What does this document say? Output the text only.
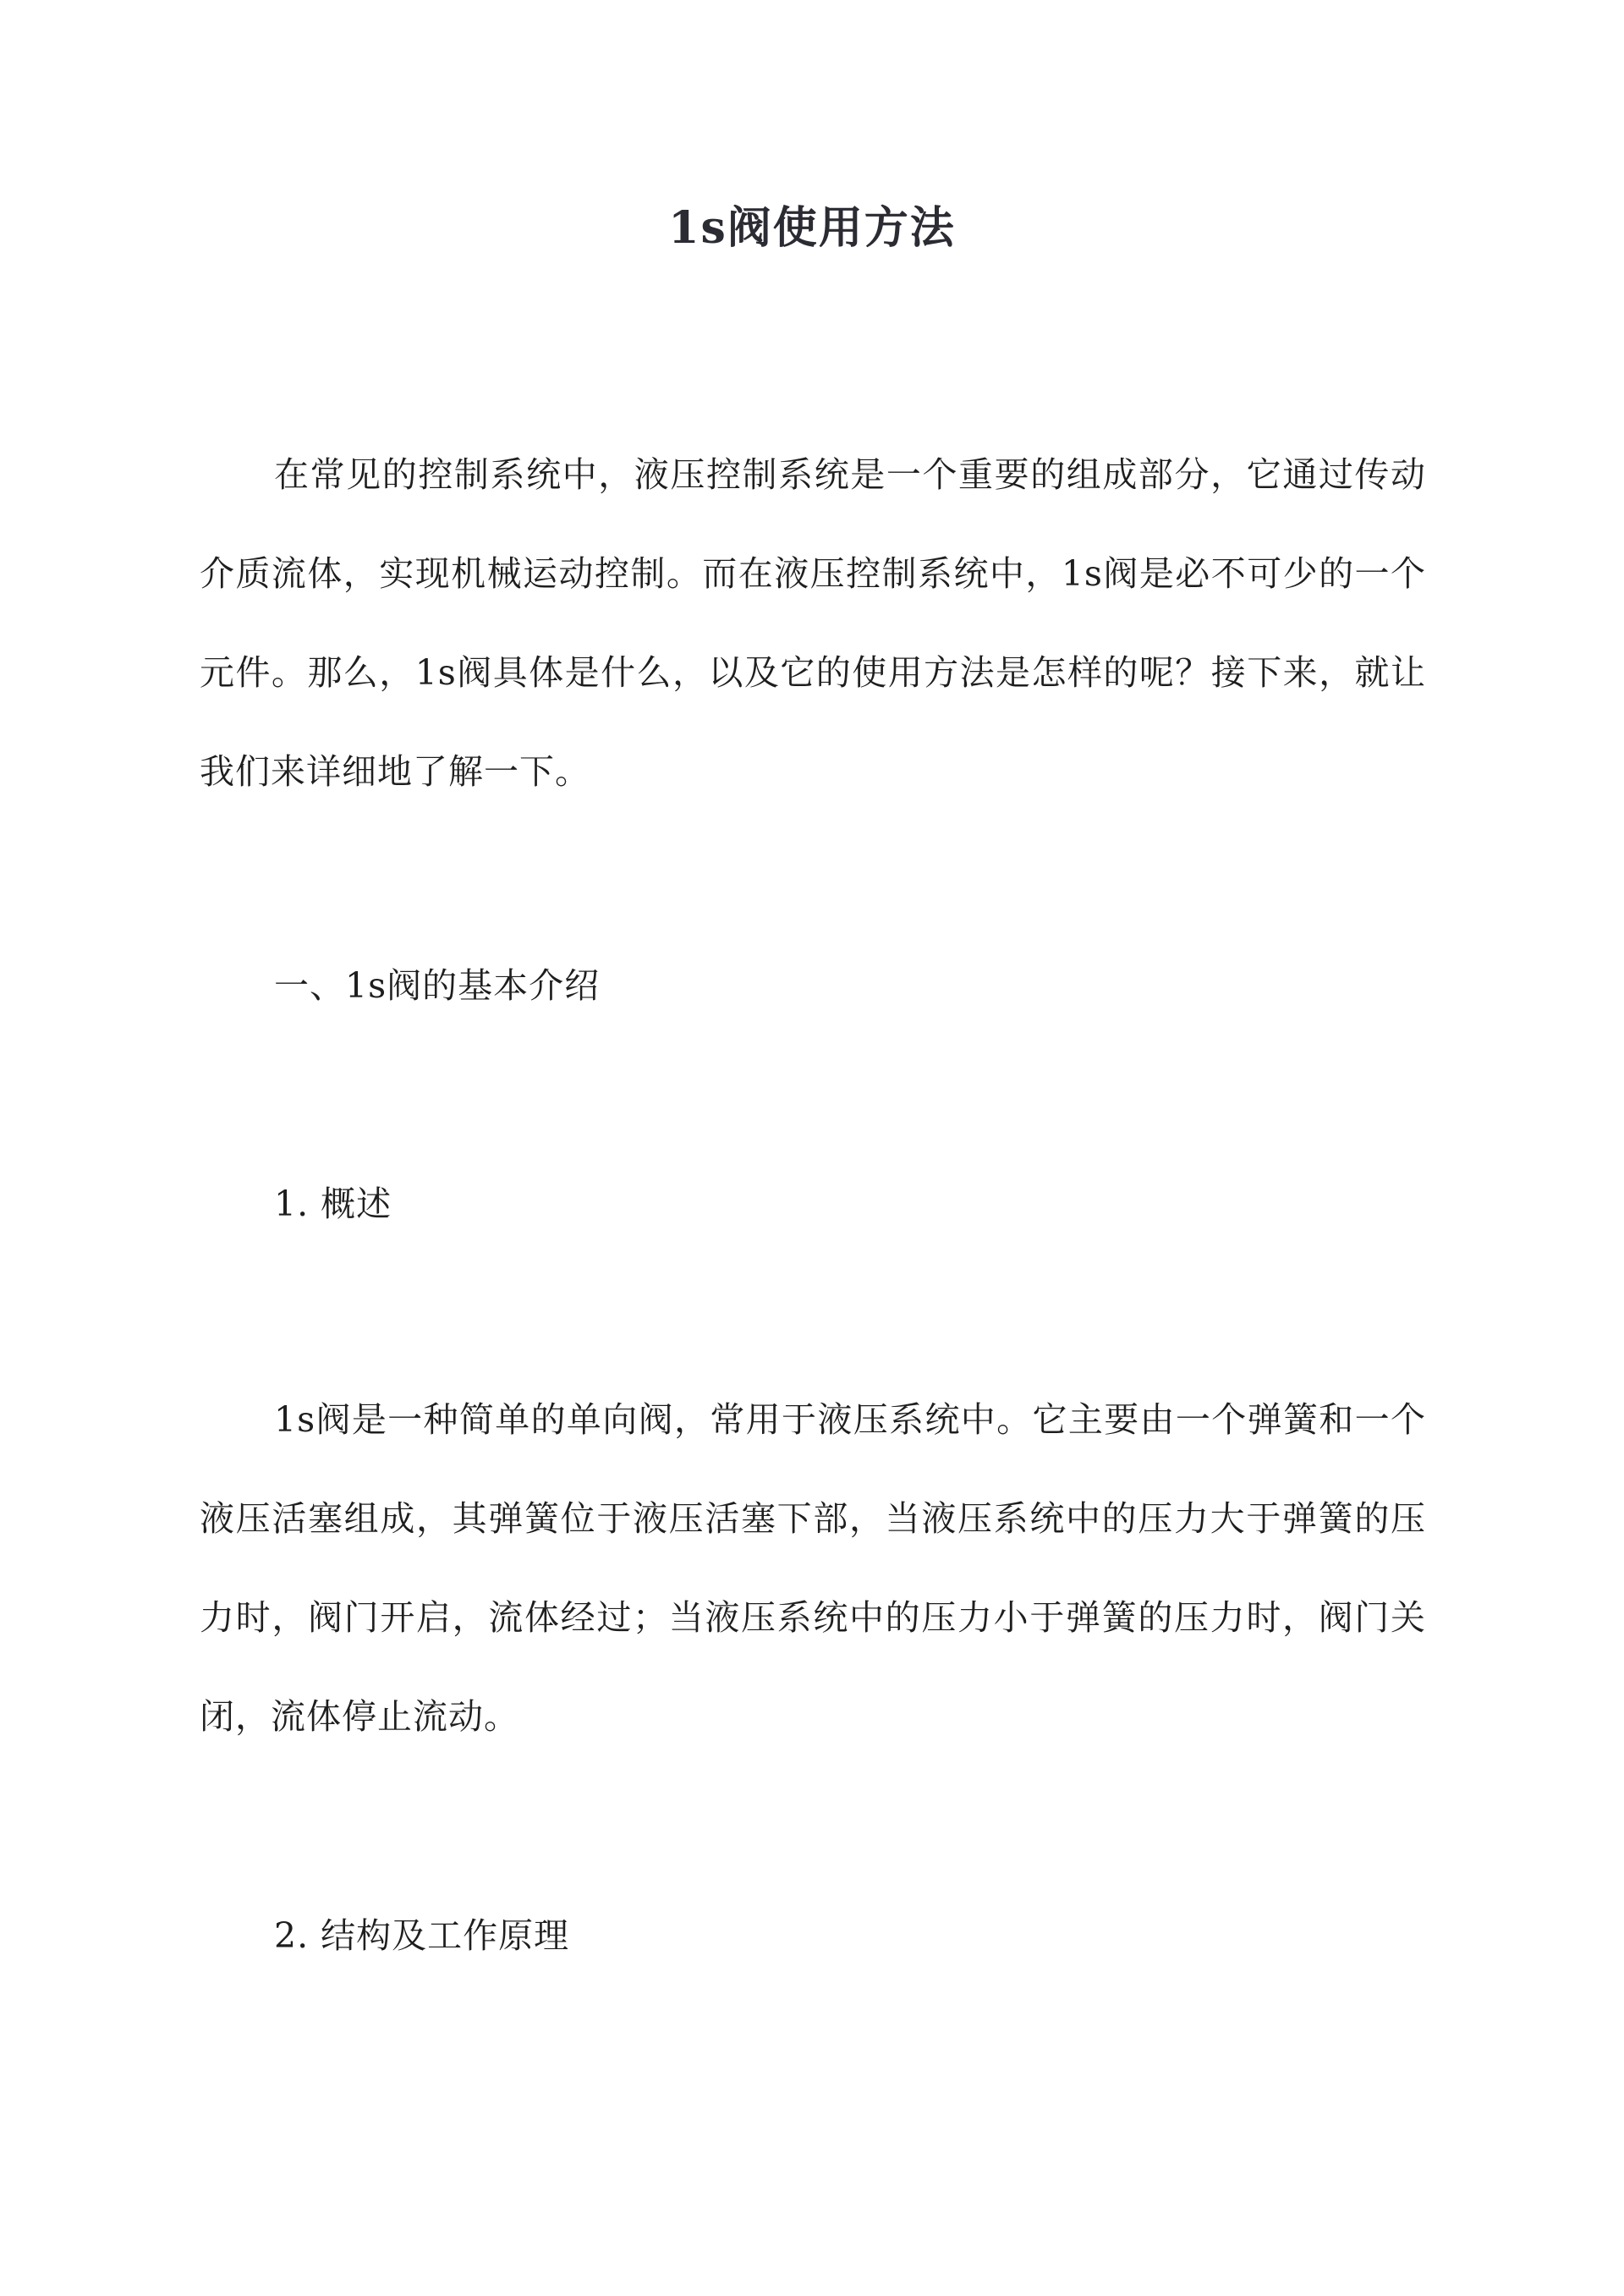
1s阀使用方法

在常见的控制系统中，液压控制系统是一个重要的组成部分，它通过传动介质流体，实现机械运动控制。而在液压控制系统中，1s阀是必不可少的一个元件。那么，1s阀具体是什么，以及它的使用方法是怎样的呢？接下来，就让我们来详细地了解一下。

一、1s阀的基本介绍

1. 概述

1s阀是一种简单的单向阀，常用于液压系统中。它主要由一个弹簧和一个液压活塞组成，其弹簧位于液压活塞下部，当液压系统中的压力大于弹簧的压力时，阀门开启，流体经过；当液压系统中的压力小于弹簧的压力时，阀门关闭，流体停止流动。

2. 结构及工作原理
